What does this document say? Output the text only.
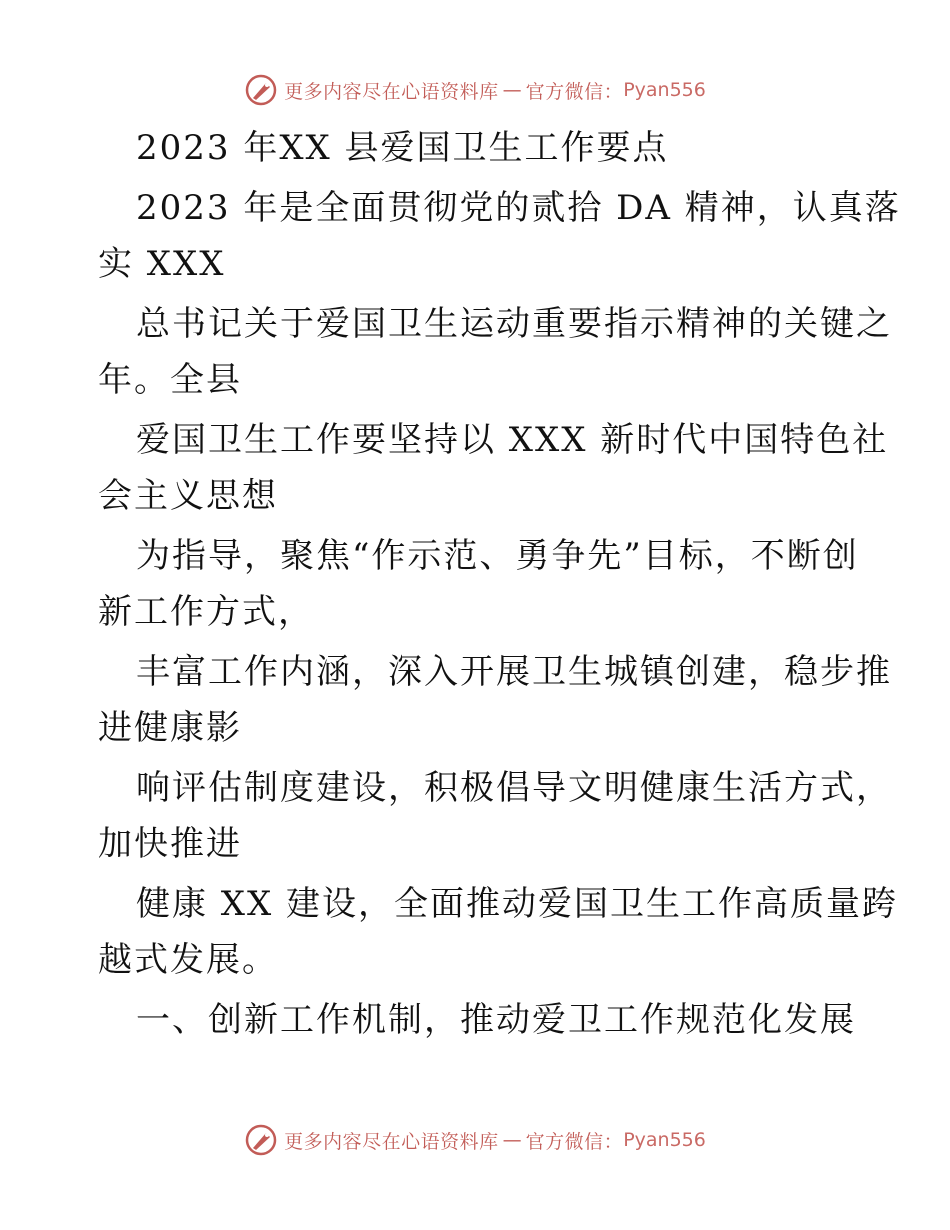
更多内容尽在心语资料库 — 官方微信： Pyan556
2023 年XX 县爱国卫生工作要点
2023 年是全面贯彻党的贰拾 DA 精神，认真落
实 XXX
总书记关于爱国卫生运动重要指示精神的关键之
年。全县
爱国卫生工作要坚持以 XXX 新时代中国特色社
会主义思想
为指导，聚焦“作示范、勇争先”目标，不断创
新工作方式，
丰富工作内涵，深入开展卫生城镇创建，稳步推
进健康影
响评估制度建设，积极倡导文明健康生活方式，
加快推进
健康 XX 建设，全面推动爱国卫生工作高质量跨
越式发展。
一、创新工作机制，推动爱卫工作规范化发展
更多内容尽在心语资料库 — 官方微信： Pyan556
